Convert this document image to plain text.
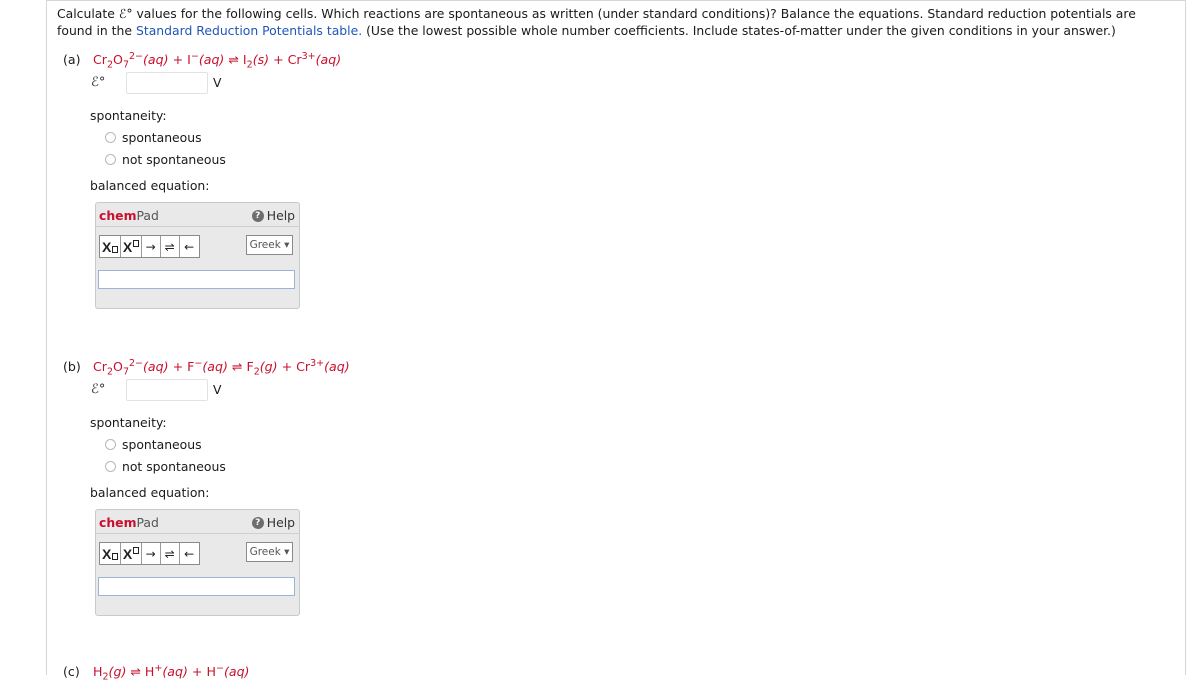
Calculate ℰ° values for the following cells. Which reactions are spontaneous as written (under standard conditions)? Balance the equations. Standard reduction potentials are found in the Standard Reduction Potentials table. (Use the lowest possible whole number coefficients. Include states-of-matter under the given conditions in your answer.)
(a) $Cr_2O_7^{2-}(aq) + I^-(aq)$ ⇌ $I_2(s) + Cr^{3+}(aq)$
ℰ°	V
spontaneity:
spontaneous
not spontaneous
balanced equation:
chemPad	? Help
X X	→ ⇌ ←	Greek ▾
(b) $Cr_2O_7^{2-}(aq) + F^-(aq)$ ⇌ $F_2(g) + Cr^{3+}(aq)$
ℰ°	V
spontaneity:
spontaneous
not spontaneous
balanced equation:
chemPad	? Help
X X	→ ⇌ ←	Greek ▾
(c) $H_2(g)$ ⇌ H+(aq) + H−(aq)
